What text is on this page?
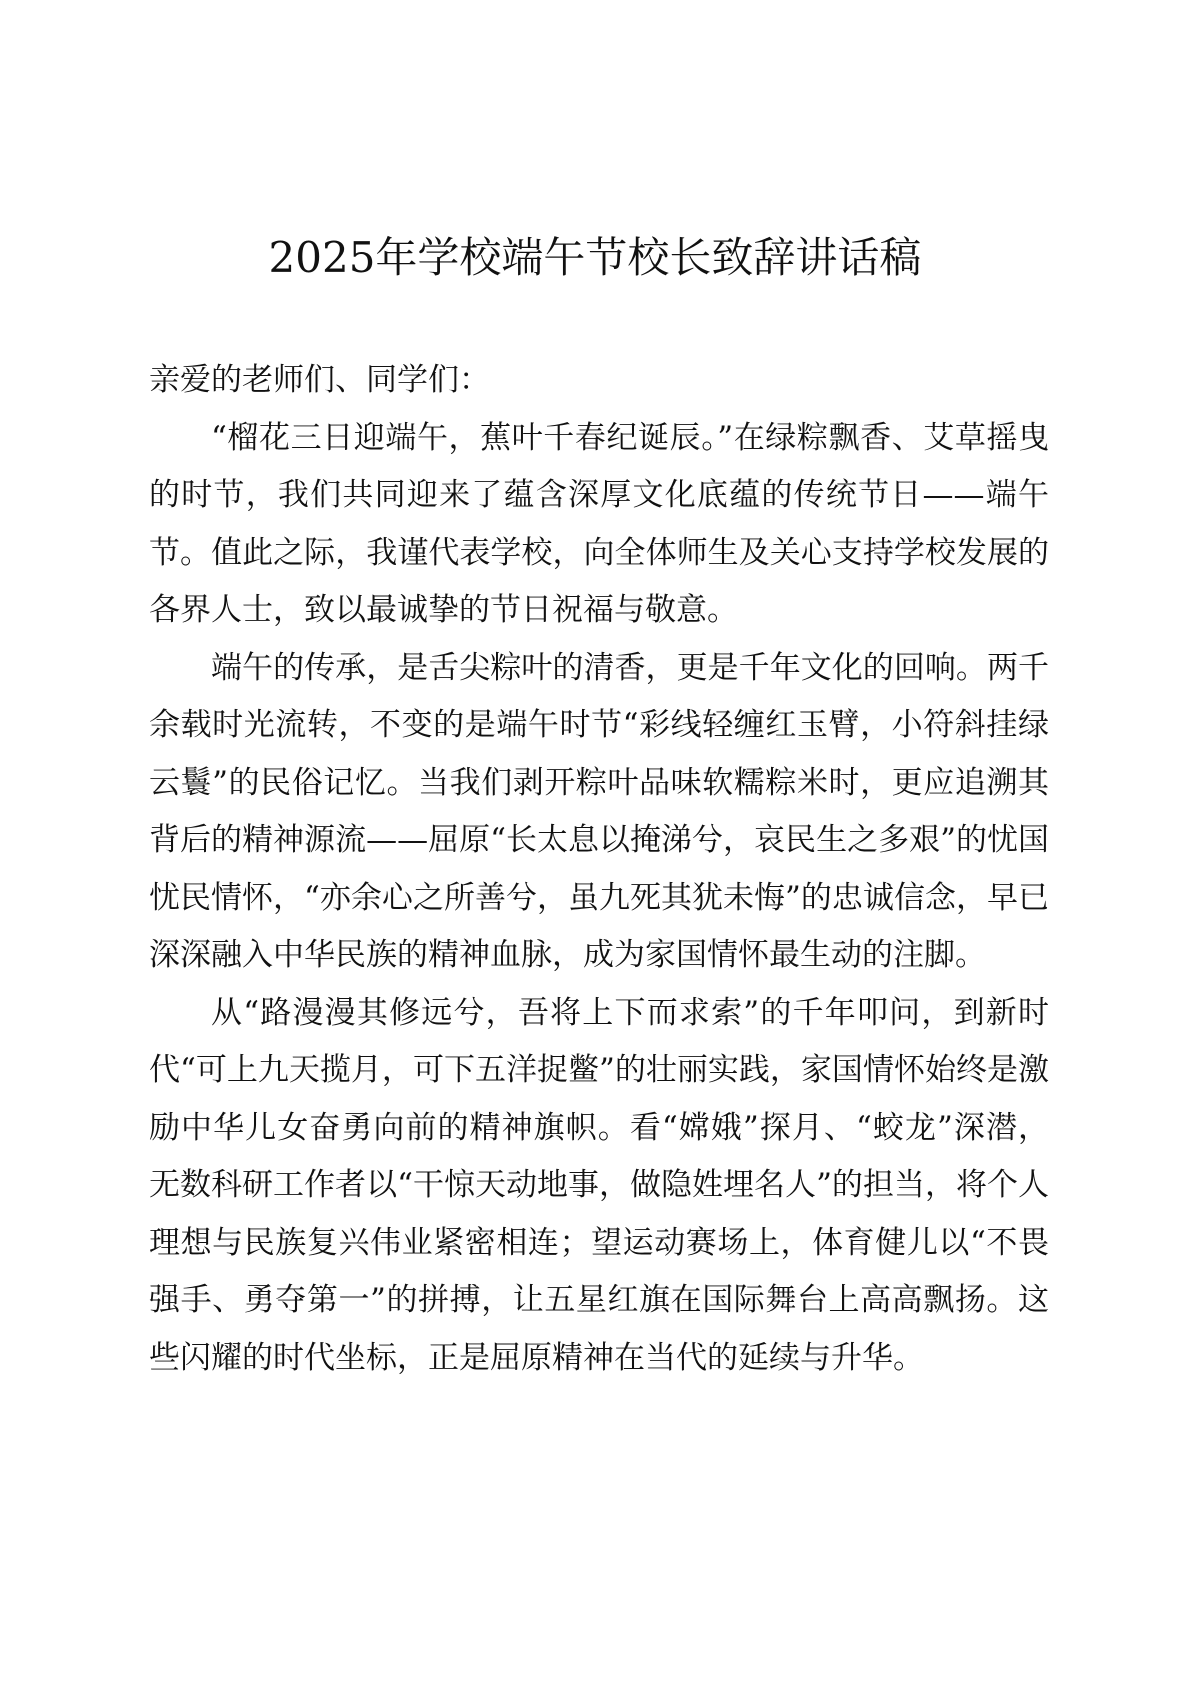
2025年学校端午节校长致辞讲话稿

亲爱的老师们、同学们：

“榴花三日迎端午，蕉叶千春纪诞辰。”在绿粽飘香、艾草摇曳的时节，我们共同迎来了蕴含深厚文化底蕴的传统节日——端午节。值此之际，我谨代表学校，向全体师生及关心支持学校发展的各界人士，致以最诚挚的节日祝福与敬意。

端午的传承，是舌尖粽叶的清香，更是千年文化的回响。两千余载时光流转，不变的是端午时节“彩线轻缠红玉臂，小符斜挂绿云鬟”的民俗记忆。当我们剥开粽叶品味软糯粽米时，更应追溯其背后的精神源流——屈原“长太息以掩涕兮，哀民生之多艰”的忧国忧民情怀，“亦余心之所善兮，虽九死其犹未悔”的忠诚信念，早已深深融入中华民族的精神血脉，成为家国情怀最生动的注脚。

从“路漫漫其修远兮，吾将上下而求索”的千年叩问，到新时代“可上九天揽月，可下五洋捉鳖”的壮丽实践，家国情怀始终是激励中华儿女奋勇向前的精神旗帜。看“嫦娥”探月、“蛟龙”深潜，无数科研工作者以“干惊天动地事，做隐姓埋名人”的担当，将个人理想与民族复兴伟业紧密相连；望运动赛场上，体育健儿以“不畏强手、勇夺第一”的拼搏，让五星红旗在国际舞台上高高飘扬。这些闪耀的时代坐标，正是屈原精神在当代的延续与升华。
